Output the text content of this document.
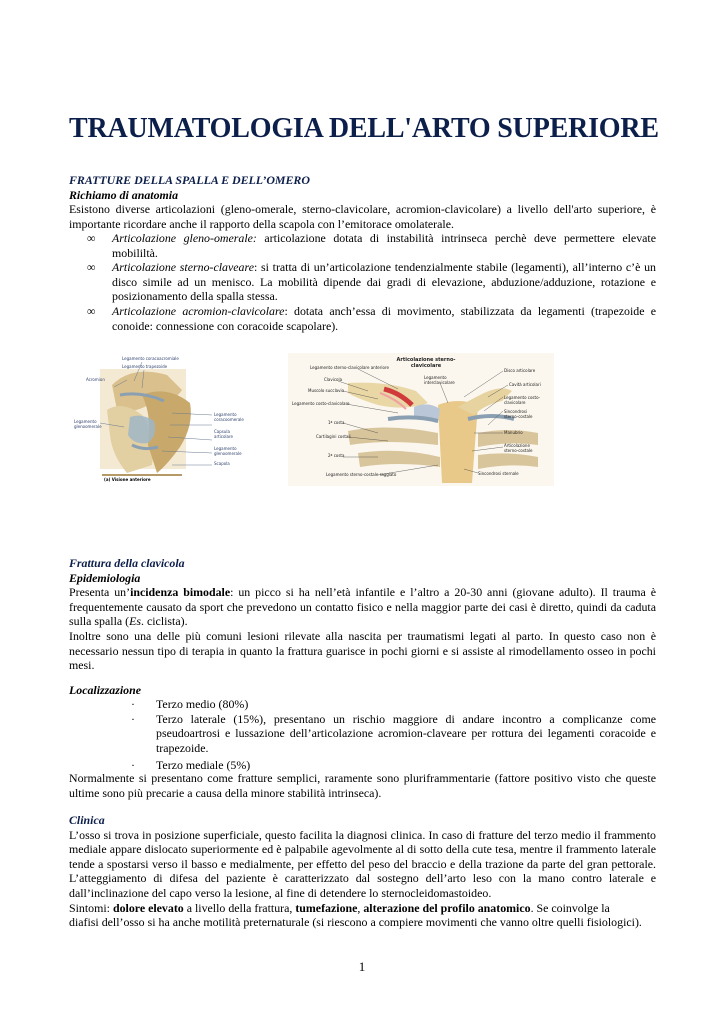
TRAUMATOLOGIA DELL'ARTO SUPERIORE
FRATTURE DELLA SPALLA E DELL’OMERO
Richiamo di anatomia
Esistono diverse articolazioni (gleno-omerale, sterno-clavicolare, acromion-clavicolare) a livello dell'arto superiore, è importante ricordare anche il rapporto della scapola con l’emitorace omolaterale.
∞ Articolazione gleno-omerale: articolazione dotata di instabilità intrinseca perchè deve permettere elevate mobililtà.
∞ Articolazione sterno-claveare: si tratta di un’articolazione tendenzialmente stabile (legamenti), all’interno c’è un disco simile ad un menisco. La mobilità dipende dai gradi di elevazione, abduzione/adduzione, rotazione e posizionamento della spalla stessa.
∞ Articolazione acromion-clavicolare: dotata anch’essa di movimento, stabilizzata da legamenti (trapezoide e conoide: connessione con coracoide scapolare).
Legamento coracoacromiale
Legamento trapezoide
Acromion
Legamento glenoomerale
Legamento coracoomerale
Capsula articolare
Legamento glenoomerale
Scapola
(a) Visione anteriore
Articolazione sterno-clavicolare
Legamento sterno-clavicolare anteriore
Clavicola
Muscolo succlavio
Legamento costo-clavicolare
1ª costa
Cartilagini costali
2ª costa
Legamento sterno-costale raggiato
Legamento interclavicolare
Disco articolare
Cavità articolari
Legamento costo-clavicolare
Sincondrosi sterno-costale
Manubrio
Articolazione sterno-costale
Sincondrosi sternale
Frattura della clavicola
Epidemiologia
Presenta un’incidenza bimodale: un picco si ha nell’età infantile e l’altro a 20-30 anni (giovane adulto). Il trauma è frequentemente causato da sport che prevedono un contatto fisico e nella maggior parte dei casi è diretto, quindi da caduta sulla spalla (Es. ciclista).
Inoltre sono una delle più comuni lesioni rilevate alla nascita per traumatismi legati al parto. In questo caso non è necessario nessun tipo di terapia in quanto la frattura guarisce in pochi giorni e si assiste al rimodellamento osseo in pochi mesi.
Localizzazione
· Terzo medio (80%)
· Terzo laterale (15%), presentano un rischio maggiore di andare incontro a complicanze come pseudoartrosi e lussazione dell’articolazione acromion-claveare per rottura dei legamenti coracoide e trapezoide.
· Terzo mediale (5%)
Normalmente si presentano come fratture semplici, raramente sono pluriframmentarie (fattore positivo visto che queste ultime sono più precarie a causa della minore stabilità intrinseca).
Clinica
L’osso si trova in posizione superficiale, questo facilita la diagnosi clinica. In caso di fratture del terzo medio il frammento mediale appare dislocato superiormente ed è palpabile agevolmente al di sotto della cute tesa, mentre il frammento laterale tende a spostarsi verso il basso e medialmente, per effetto del peso del braccio e della trazione da parte del gran pettorale. L’atteggiamento di difesa del paziente è caratterizzato dal sostegno dell’arto leso con la mano contro laterale e dall’inclinazione del capo verso la lesione, al fine di detendere lo sternocleidomastoideo.
Sintomi: dolore elevato a livello della frattura, tumefazione, alterazione del profilo anatomico. Se coinvolge la
diafisi dell’osso si ha anche motilità preternaturale (si riescono a compiere movimenti che vanno oltre quelli fisiologici).
1
